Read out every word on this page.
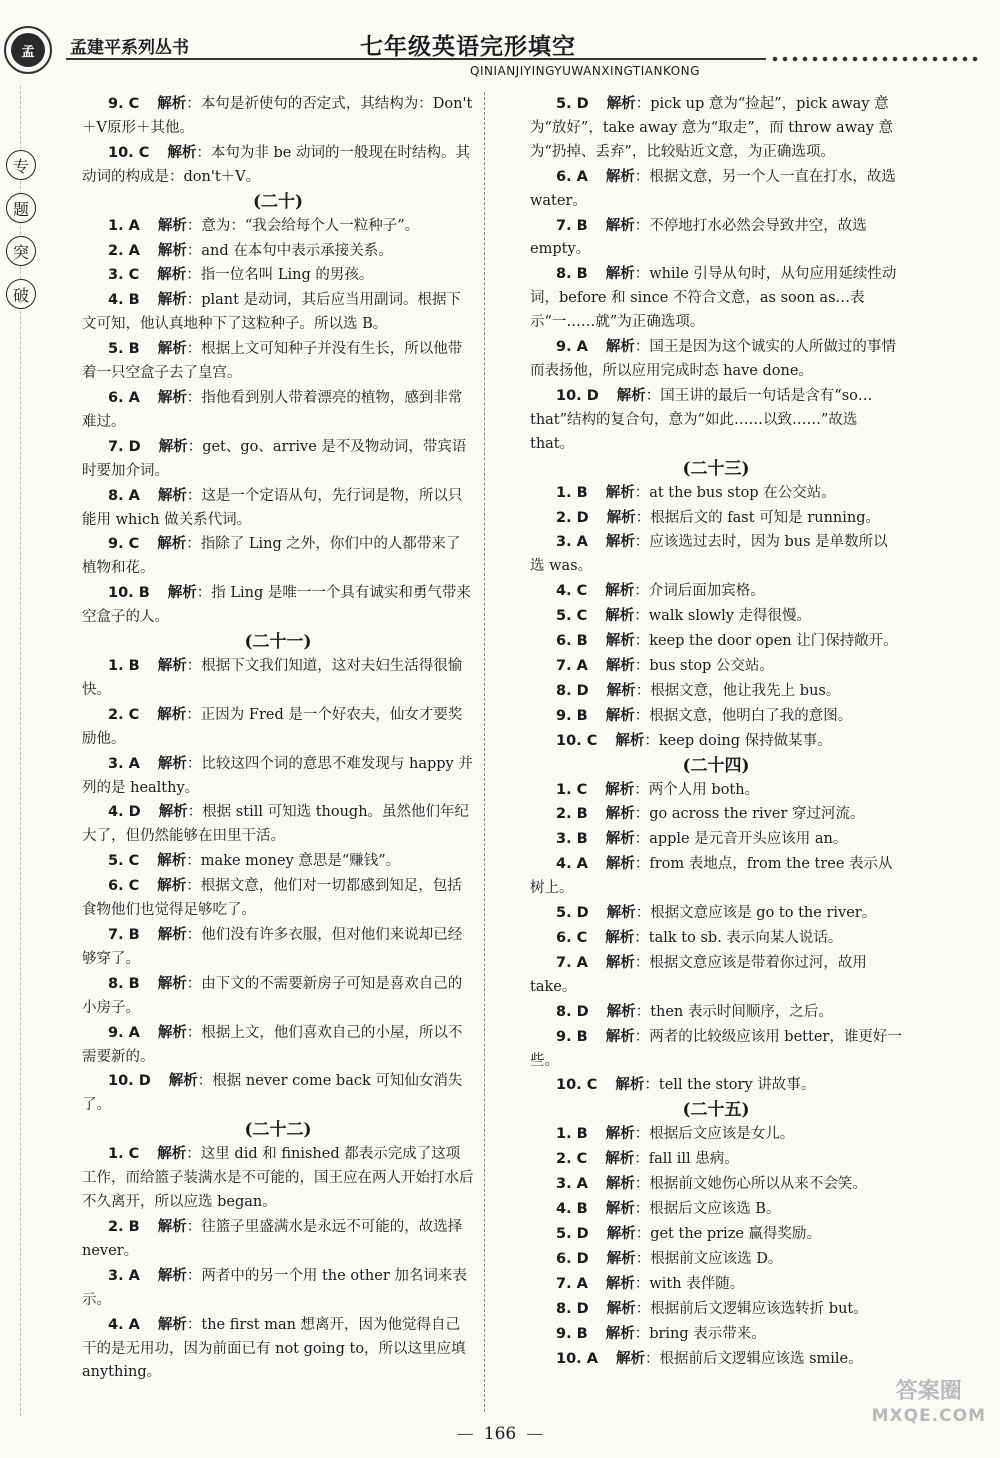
孟	孟建平系列丛书	七年级英语完形填空
QINIANJIYINGYUWANXINGTIANKONG
专
题
突
破

9. C 解析：本句是祈使句的否定式，其结构为：Don't＋V原形＋其他。

10. C 解析：本句为非 be 动词的一般现在时结构。其动词的构成是：don't＋V。

(二十)

1. A 解析：意为：“我会给每个人一粒种子”。

2. A 解析：and 在本句中表示承接关系。

3. C 解析：指一位名叫 Ling 的男孩。

4. B 解析：plant 是动词，其后应当用副词。根据下文可知，他认真地种下了这粒种子。所以选 B。

5. B 解析：根据上文可知种子并没有生长，所以他带着一只空盒子去了皇宫。

6. A 解析：指他看到别人带着漂亮的植物，感到非常难过。

7. D 解析：get、go、arrive 是不及物动词，带宾语时要加介词。

8. A 解析：这是一个定语从句，先行词是物，所以只能用 which 做关系代词。

9. C 解析：指除了 Ling 之外，你们中的人都带来了植物和花。

10. B 解析：指 Ling 是唯一一个具有诚实和勇气带来空盒子的人。

(二十一)

1. B 解析：根据下文我们知道，这对夫妇生活得很愉快。

2. C 解析：正因为 Fred 是一个好农夫，仙女才要奖励他。

3. A 解析：比较这四个词的意思不难发现与 happy 并列的是 healthy。

4. D 解析：根据 still 可知选 though。虽然他们年纪大了，但仍然能够在田里干活。

5. C 解析：make money 意思是“赚钱”。

6. C 解析：根据文意，他们对一切都感到知足，包括食物他们也觉得足够吃了。

7. B 解析：他们没有许多衣服，但对他们来说却已经够穿了。

8. B 解析：由下文的不需要新房子可知是喜欢自己的小房子。

9. A 解析：根据上文，他们喜欢自己的小屋，所以不需要新的。

10. D 解析：根据 never come back 可知仙女消失了。

(二十二)

1. C 解析：这里 did 和 finished 都表示完成了这项工作，而给篮子装满水是不可能的，国王应在两人开始打水后不久离开，所以应选 began。

2. B 解析：往篮子里盛满水是永远不可能的，故选择 never。

3. A 解析：两者中的另一个用 the other 加名词来表示。

4. A 解析：the first man 想离开，因为他觉得自己干的是无用功，因为前面已有 not going to，所以这里应填 anything。

5. D 解析：pick up 意为“捡起”，pick away 意为“放好”，take away 意为“取走”，而 throw away 意为“扔掉、丢弃”，比较贴近文意，为正确选项。

6. A 解析：根据文意，另一个人一直在打水，故选 water。

7. B 解析：不停地打水必然会导致井空，故选 empty。

8. B 解析：while 引导从句时，从句应用延续性动词，before 和 since 不符合文意，as soon as…表示“一……就”为正确选项。

9. A 解析：国王是因为这个诚实的人所做过的事情而表扬他，所以应用完成时态 have done。

10. D 解析：国王讲的最后一句话是含有“so… that”结构的复合句，意为“如此……以致……”故选 that。

(二十三)

1. B 解析：at the bus stop 在公交站。

2. D 解析：根据后文的 fast 可知是 running。

3. A 解析：应该选过去时，因为 bus 是单数所以选 was。

4. C 解析：介词后面加宾格。

5. C 解析：walk slowly 走得很慢。

6. B 解析：keep the door open 让门保持敞开。

7. A 解析：bus stop 公交站。

8. D 解析：根据文意，他让我先上 bus。

9. B 解析：根据文意，他明白了我的意图。

10. C 解析：keep doing 保持做某事。

(二十四)

1. C 解析：两个人用 both。

2. B 解析：go across the river 穿过河流。

3. B 解析：apple 是元音开头应该用 an。

4. A 解析：from 表地点，from the tree 表示从树上。

5. D 解析：根据文意应该是 go to the river。

6. C 解析：talk to sb. 表示向某人说话。

7. A 解析：根据文意应该是带着你过河，故用 take。

8. D 解析：then 表示时间顺序，之后。

9. B 解析：两者的比较级应该用 better，谁更好一些。

10. C 解析：tell the story 讲故事。

(二十五)

1. B 解析：根据后文应该是女儿。

2. C 解析：fall ill 患病。

3. A 解析：根据前文她伤心所以从来不会笑。

4. B 解析：根据后文应该选 B。

5. D 解析：get the prize 赢得奖励。

6. D 解析：根据前文应该选 D。

7. A 解析：with 表伴随。

8. D 解析：根据前后文逻辑应该选转折 but。

9. B 解析：bring 表示带来。

10. A 解析：根据前后文逻辑应该选 smile。

— 166 —
答案圈
MXQE.COM
